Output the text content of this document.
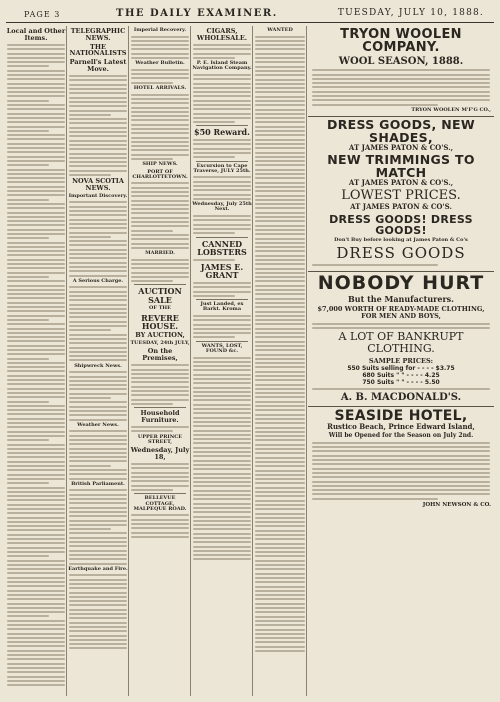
PAGE 3	THE DAILY EXAMINER.	TUESDAY, JULY 10, 1888.
Local and Other Items.
TELEGRAPHIC NEWS.
THE NATIONALISTS
Parnell's Latest Move.
NOVA SCOTIA NEWS.
Important Discovery.
A Serious Charge.
Shipwreck News.
Weather News.
British Parliament.
Earthquake and Fire.
Imperial Recovery.
Weather Bulletin.
HOTEL ARRIVALS.
SHIP NEWS.
PORT OF CHARLOTTETOWN.
MARRIED.
AUCTION SALE
OF THE
REVERE HOUSE.
BY AUCTION,
TUESDAY, 24th JULY,
On the Premises,
Household Furniture.
UPPER PRINCE STREET,
Wednesday, July 18,
BELLEVUE COTTAGE, MALPEQUE ROAD.
CIGARS, WHOLESALE.
P. E. Island Steam Navigation Company.
$50 Reward.
Excursion to Cape Traverse, JULY 25th.
Wednesday, July 25th Next.
CANNED LOBSTERS
JAMES E. GRANT
Just Landed, ex Barkt. Kroma
WANTS, LOST, FOUND &c.
WANTED	TRYON WOOLEN COMPANY.
WOOL SEASON, 1888.
TRYON WOOLEN M'F'G CO.,
DRESS GOODS, NEW SHADES,
AT JAMES PATON & CO'S.,
NEW TRIMMINGS TO MATCH
AT JAMES PATON & CO'S.,
LOWEST PRICES.
AT JAMES PATON & CO'S.
DRESS GOODS! DRESS GOODS!
Don't Buy before looking at James Paton & Co's
DRESS GOODS
NOBODY HURT
But the Manufacturers.
$7,000 WORTH OF READY-MADE CLOTHING,
FOR MEN AND BOYS,
A LOT OF BANKRUPT CLOTHING.
SAMPLE PRICES:
550 Suits selling for - - - - $3.75
680 Suits " " - - - - 4.25
750 Suits " " - - - - 5.50
A. B. MACDONALD'S.
SEASIDE HOTEL,
Rustico Beach, Prince Edward Island,
Will be Opened for the Season on July 2nd.
JOHN NEWSON & CO.
